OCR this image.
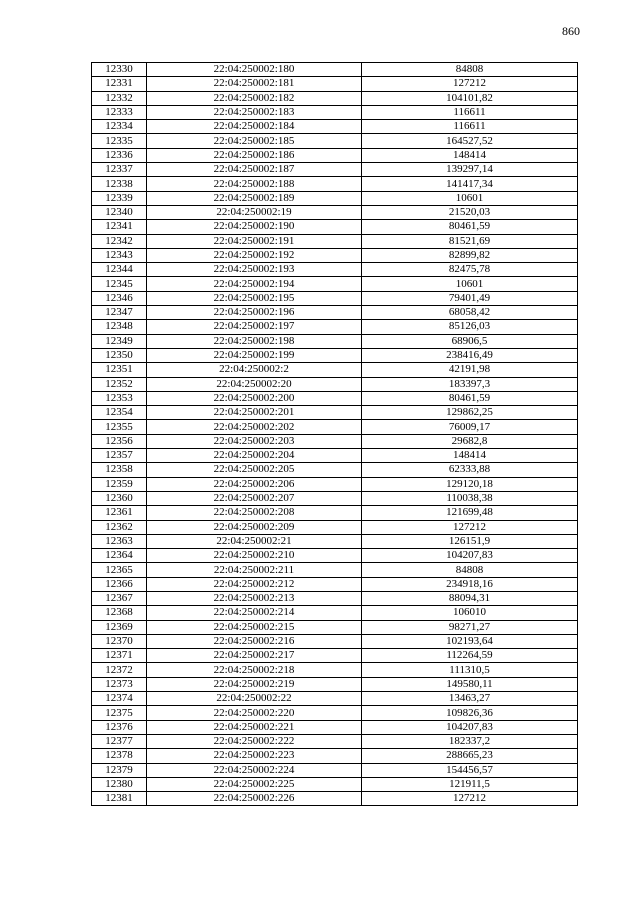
860
12330	22:04:250002:180	84808
12331	22:04:250002:181	127212
12332	22:04:250002:182	104101,82
12333	22:04:250002:183	116611
12334	22:04:250002:184	116611
12335	22:04:250002:185	164527,52
12336	22:04:250002:186	148414
12337	22:04:250002:187	139297,14
12338	22:04:250002:188	141417,34
12339	22:04:250002:189	10601
12340	22:04:250002:19	21520,03
12341	22:04:250002:190	80461,59
12342	22:04:250002:191	81521,69
12343	22:04:250002:192	82899,82
12344	22:04:250002:193	82475,78
12345	22:04:250002:194	10601
12346	22:04:250002:195	79401,49
12347	22:04:250002:196	68058,42
12348	22:04:250002:197	85126,03
12349	22:04:250002:198	68906,5
12350	22:04:250002:199	238416,49
12351	22:04:250002:2	42191,98
12352	22:04:250002:20	183397,3
12353	22:04:250002:200	80461,59
12354	22:04:250002:201	129862,25
12355	22:04:250002:202	76009,17
12356	22:04:250002:203	29682,8
12357	22:04:250002:204	148414
12358	22:04:250002:205	62333,88
12359	22:04:250002:206	129120,18
12360	22:04:250002:207	110038,38
12361	22:04:250002:208	121699,48
12362	22:04:250002:209	127212
12363	22:04:250002:21	126151,9
12364	22:04:250002:210	104207,83
12365	22:04:250002:211	84808
12366	22:04:250002:212	234918,16
12367	22:04:250002:213	88094,31
12368	22:04:250002:214	106010
12369	22:04:250002:215	98271,27
12370	22:04:250002:216	102193,64
12371	22:04:250002:217	112264,59
12372	22:04:250002:218	111310,5
12373	22:04:250002:219	149580,11
12374	22:04:250002:22	13463,27
12375	22:04:250002:220	109826,36
12376	22:04:250002:221	104207,83
12377	22:04:250002:222	182337,2
12378	22:04:250002:223	288665,23
12379	22:04:250002:224	154456,57
12380	22:04:250002:225	121911,5
12381	22:04:250002:226	127212
